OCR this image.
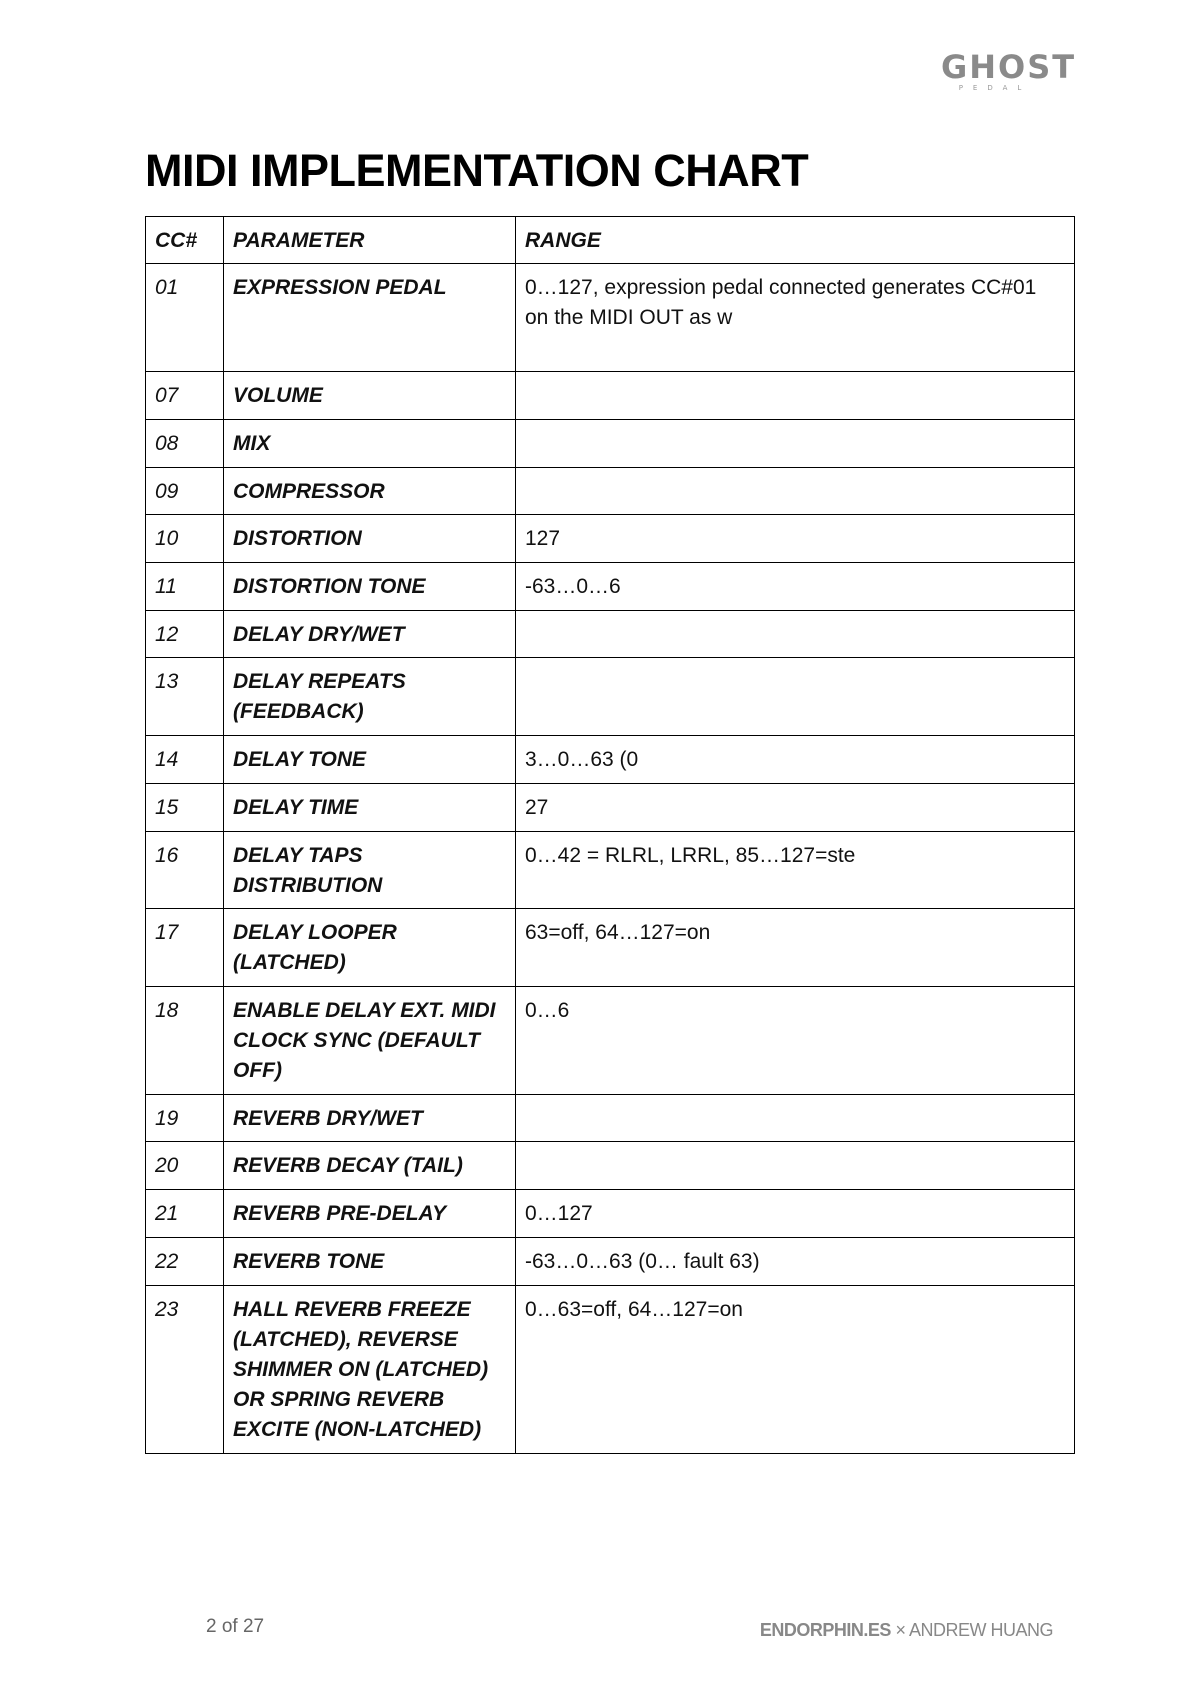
GHOST
PEDAL
MIDI IMPLEMENTATION CHART
CC#	PARAMETER	RANGE
01	EXPRESSION PEDAL	0…127, expression pedal connected generates CC#01 on the MIDI OUT as w
07	VOLUME	
08	MIX	
09	COMPRESSOR	
10	DISTORTION	127
11	DISTORTION TONE	-63…0…6
12	DELAY DRY/WET	
13	DELAY REPEATS (FEEDBACK)	
14	DELAY TONE	3…0…63 (0
15	DELAY TIME	27
16	DELAY TAPS DISTRIBUTION	0…42 = RLRL, LRRL, 85…127=ste
17	DELAY LOOPER (LATCHED)	63=off, 64…127=on
18	ENABLE DELAY EXT. MIDI CLOCK SYNC (DEFAULT OFF)	0…6
19	REVERB DRY/WET	
20	REVERB DECAY (TAIL)	
21	REVERB PRE-DELAY	0…127
22	REVERB TONE	-63…0…63 (0… fault 63)
23	HALL REVERB FREEZE (LATCHED), REVERSE SHIMMER ON (LATCHED) OR SPRING REVERB EXCITE (NON-LATCHED)	0…63=off, 64…127=on
2 of 27	ENDORPHIN.ES × ANDREW HUANG
